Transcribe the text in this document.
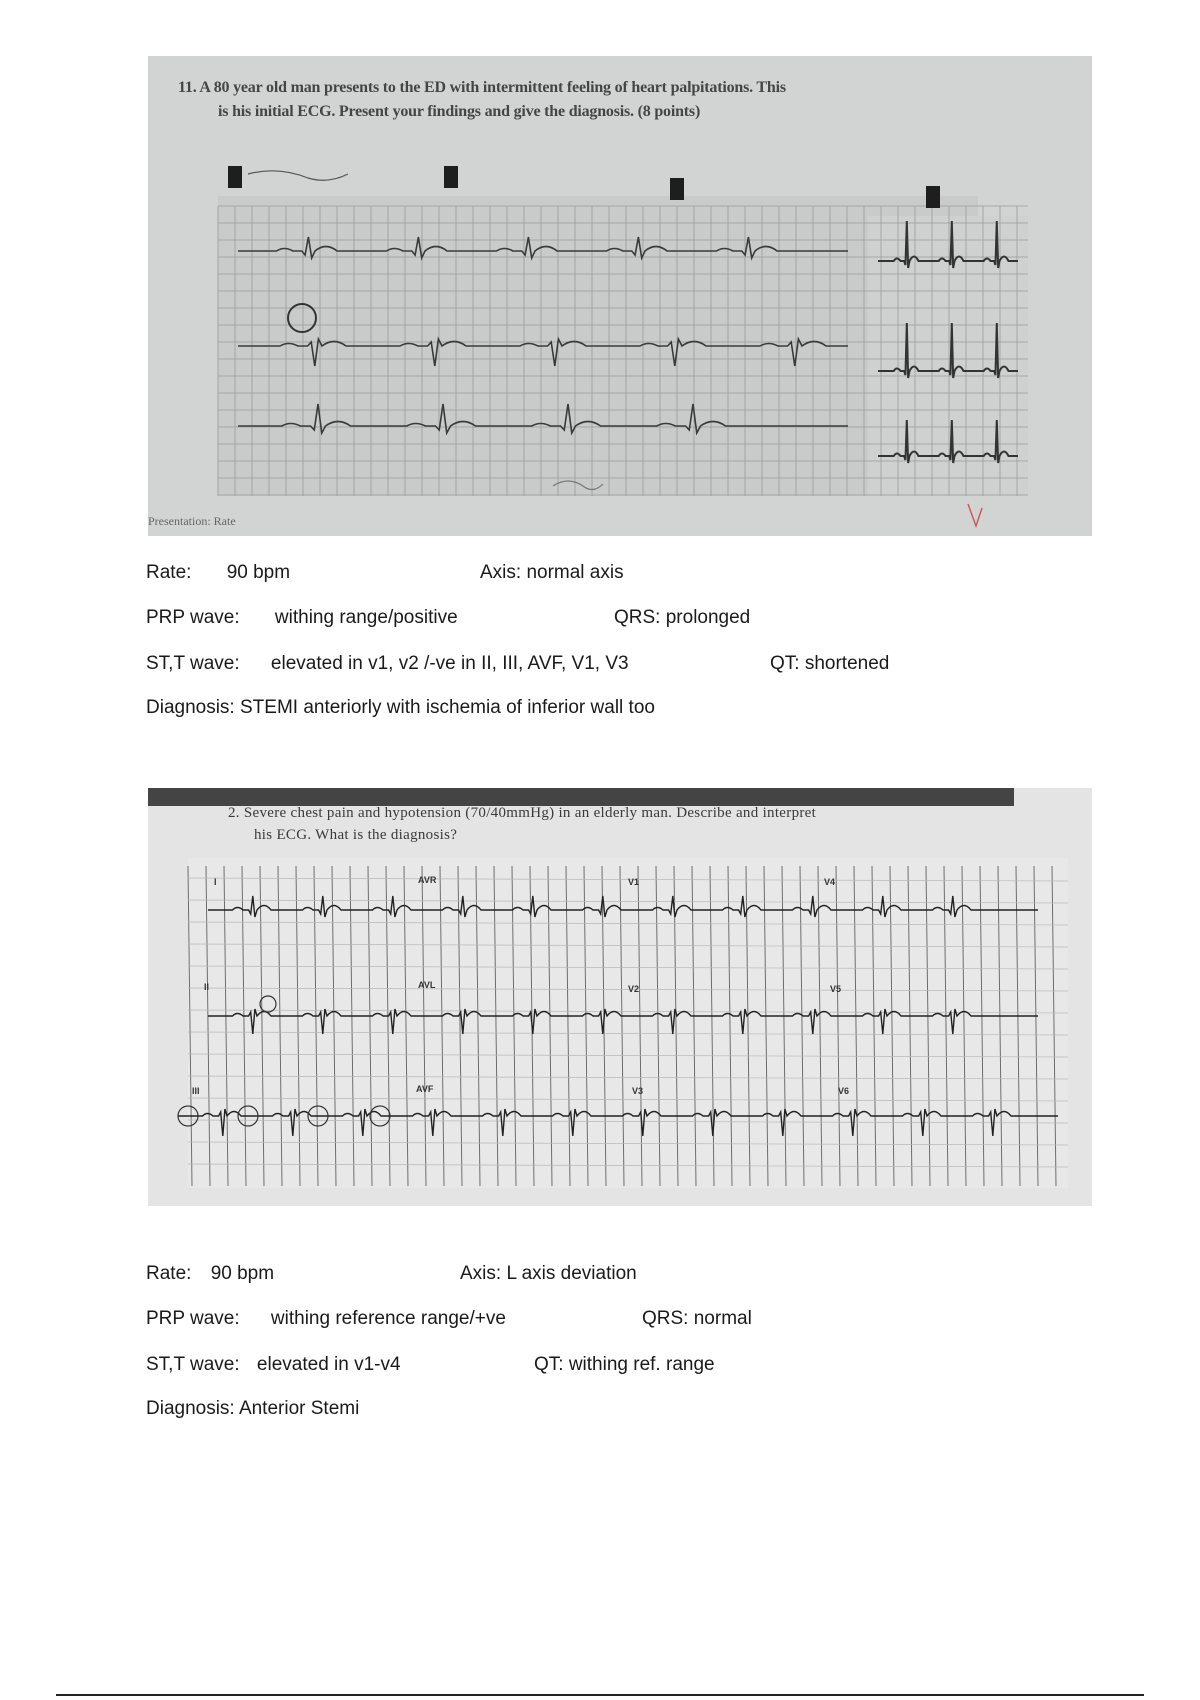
11. A 80 year old man presents to the ED with intermittent feeling of heart palpitations. This
is his initial ECG. Present your findings and give the diagnosis. (8 points)
Presentation: Rate
Rate: 90 bpm	Axis: normal axis
PRP wave: withing range/positive	QRS: prolonged
ST,T wave: elevated in v1, v2 /-ve in II, III, AVF, V1, V3	QT: shortened
Diagnosis: STEMI anteriorly with ischemia of inferior wall too
I	AVR	V1	V4
II	AVL	V2	V5
III	AVF	V3	V6
2. Severe chest pain and hypotension (70/40mmHg) in an elderly man. Describe and interpret
his ECG. What is the diagnosis?
Rate: 90 bpm	Axis: L axis deviation
PRP wave: withing reference range/+ve	QRS: normal
ST,T wave: elevated in v1-v4	QT: withing ref. range
Diagnosis: Anterior Stemi
